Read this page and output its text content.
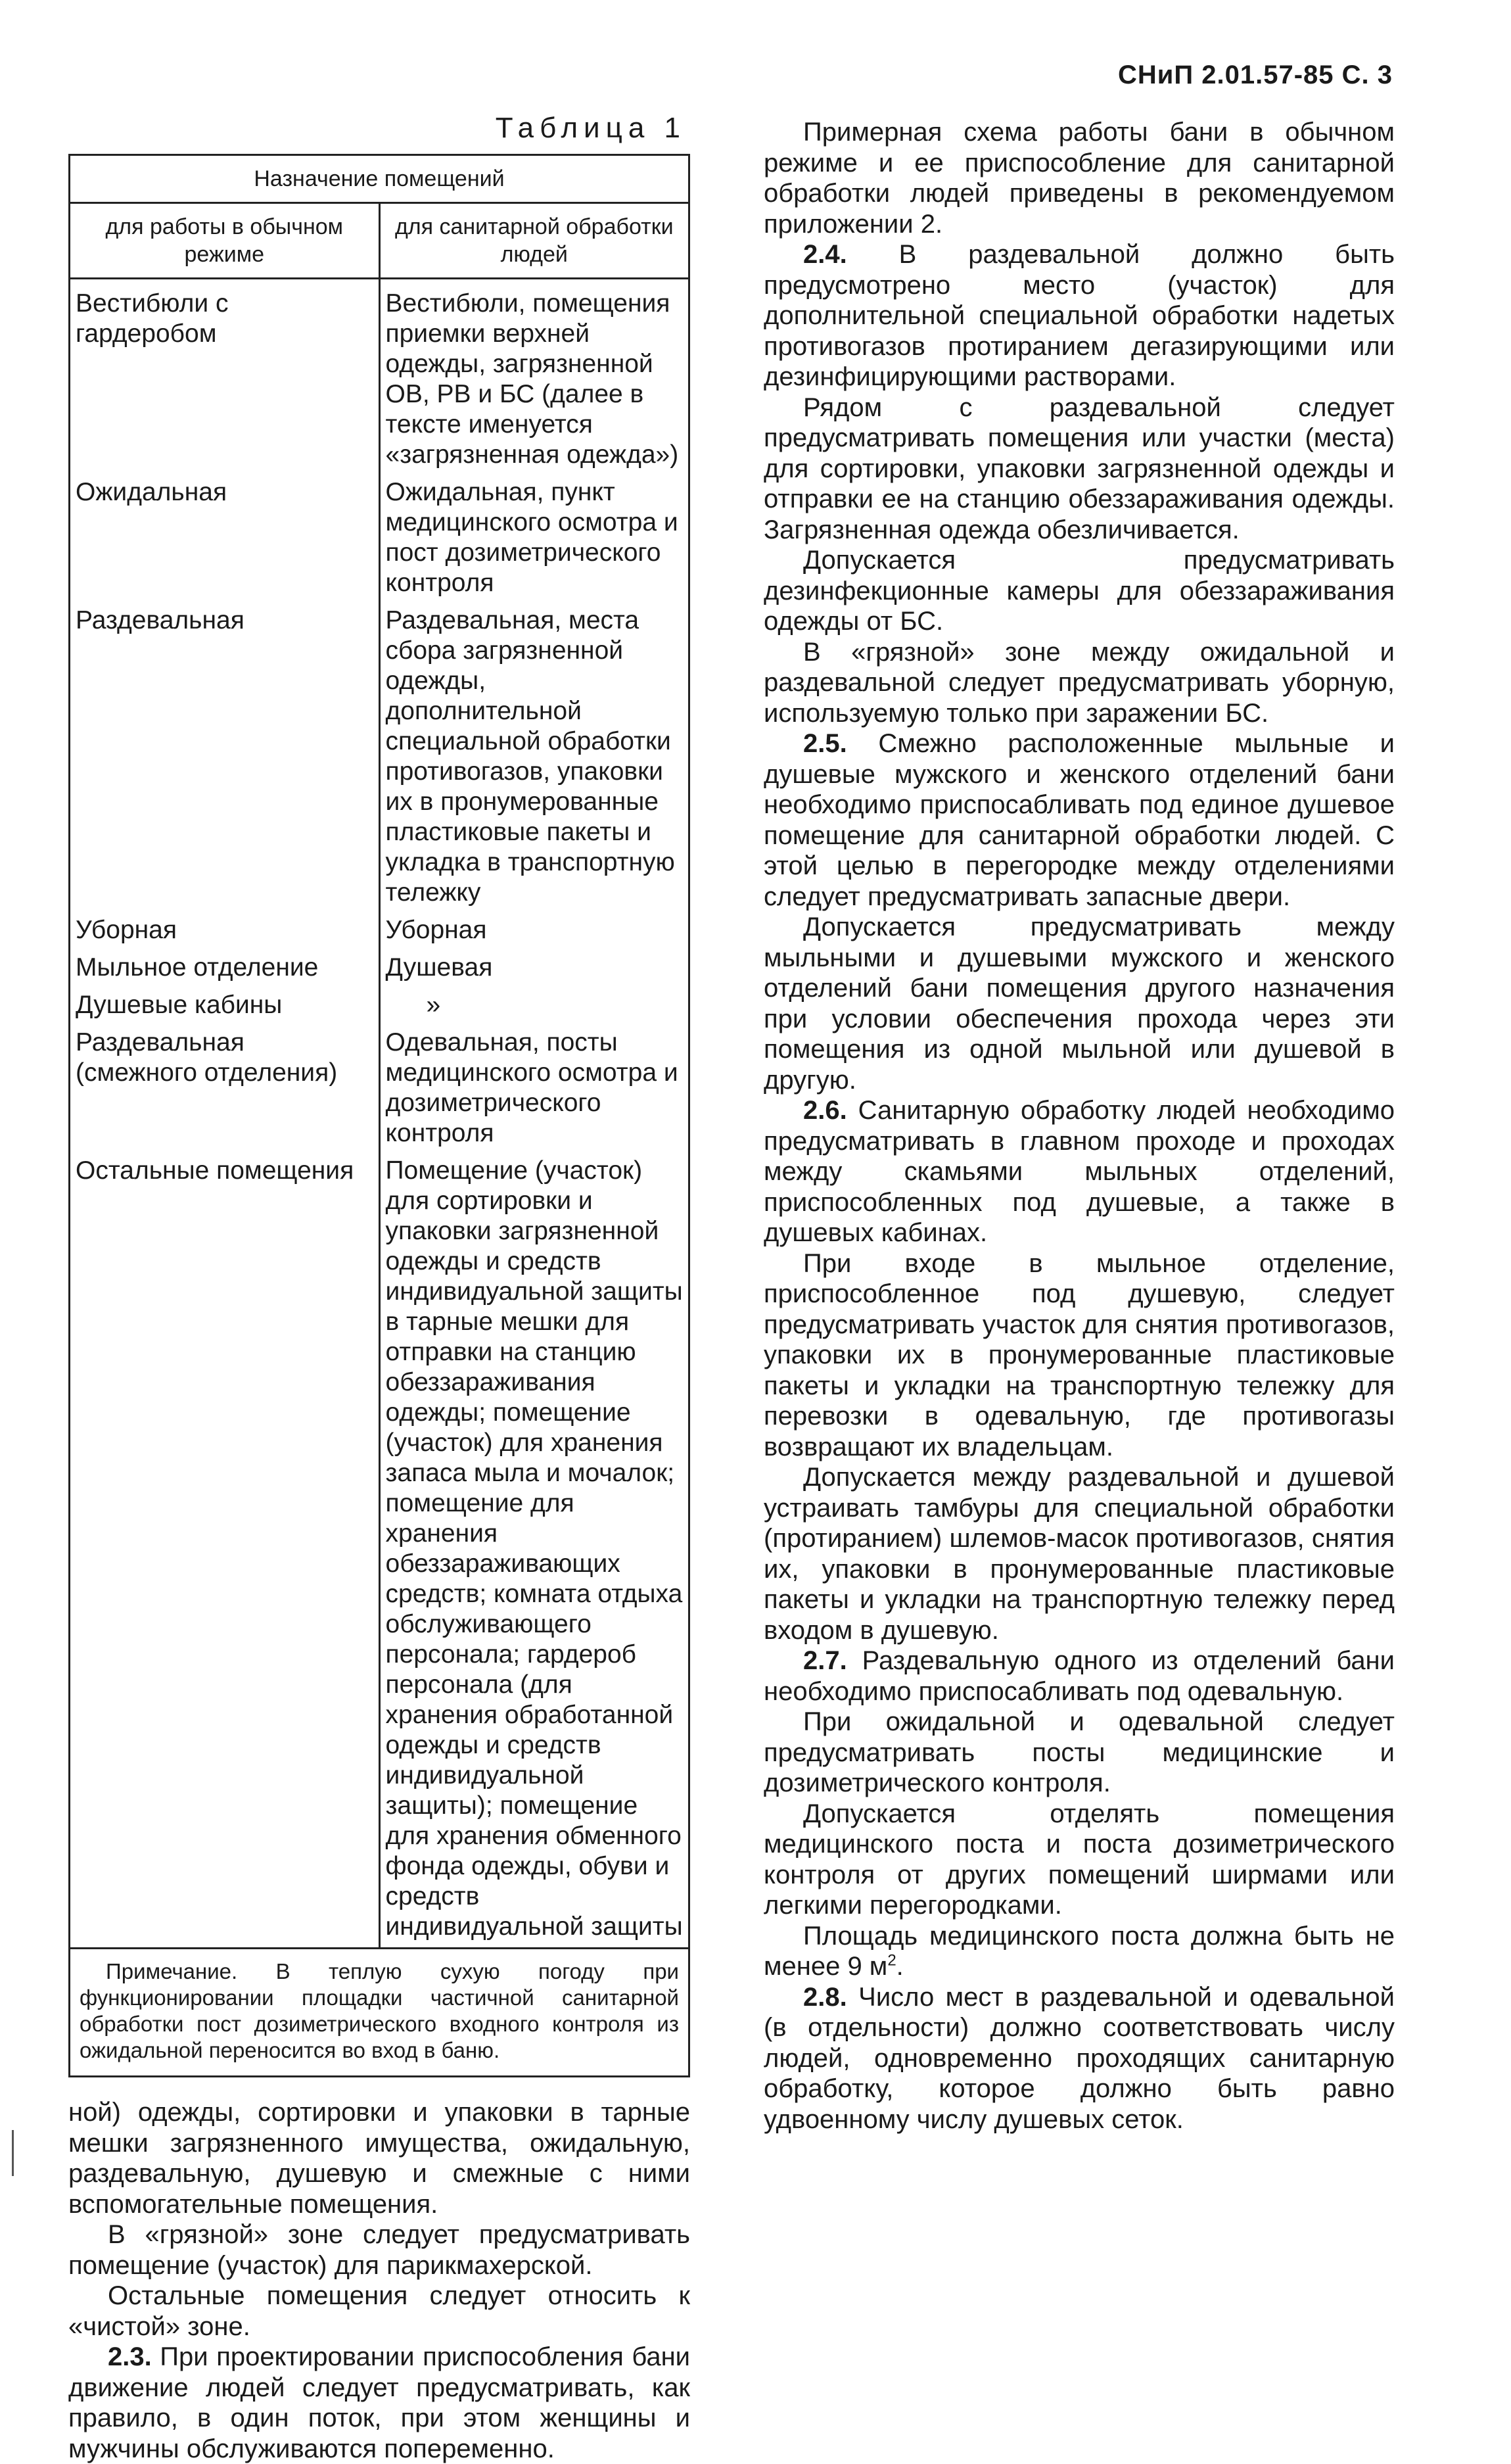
СНиП 2.01.57-85 С. 3
Таблица 1
Назначение помещений	
для работы в обычном режиме	для санитарной обработки людей
Вестибюли с гардеробом	Вестибюли, помещения приемки верхней одежды, загрязненной ОВ, РВ и БС (далее в тексте именуется «загрязненная одежда»)
Ожидальная	Ожидальная, пункт медицинского осмотра и пост дозиметрического контроля
Раздевальная	Раздевальная, места сбора загрязненной одежды, дополнительной специальной обработки противогазов, упаковки их в пронумерованные пластиковые пакеты и укладка в транспортную тележку
Уборная	Уборная
Мыльное отделение	Душевая
Душевые кабины	»
Раздевальная (смежного отделения)	Одевальная, посты медицинского осмотра и дозиметрического контроля
Остальные помещения	Помещение (участок) для сортировки и упаковки загрязненной одежды и средств индивидуальной защиты в тарные мешки для отправки на станцию обеззараживания одежды; помещение (участок) для хранения запаса мыла и мочалок; помещение для хранения обеззараживающих средств; комната отдыха обслуживающего персонала; гардероб персонала (для хранения обработанной одежды и средств индивидуальной защиты); помещение для хранения обменного фонда одежды, обуви и средств индивидуальной защиты
Примечание. В теплую сухую погоду при функционировании площадки частичной санитарной обработки пост дозиметрического входного контроля из ожидальной переносится во вход в баню.

ной) одежды, сортировки и упаковки в тарные мешки загрязненного имущества, ожидальную, раздевальную, душевую и смежные с ними вспомогательные помещения.

В «грязной» зоне следует предусматривать помещение (участок) для парикмахерской.

Остальные помещения следует относить к «чистой» зоне.

2.3. При проектировании приспособления бани движение людей следует предусматривать, как правило, в один поток, при этом женщины и мужчины обслуживаются попеременно.

Примерная схема работы бани в обычном режиме и ее приспособление для санитарной обработки людей приведены в рекомендуемом приложении 2.

2.4. В раздевальной должно быть предусмотрено место (участок) для дополнительной специальной обработки надетых противогазов протиранием дегазирующими или дезинфицирующими растворами.

Рядом с раздевальной следует предусматривать помещения или участки (места) для сортировки, упаковки загрязненной одежды и отправки ее на станцию обеззараживания одежды. Загрязненная одежда обезличивается.

Допускается предусматривать дезинфекционные камеры для обеззараживания одежды от БС.

В «грязной» зоне между ожидальной и раздевальной следует предусматривать уборную, используемую только при заражении БС.

2.5. Смежно расположенные мыльные и душевые мужского и женского отделений бани необходимо приспосабливать под единое душевое помещение для санитарной обработки людей. С этой целью в перегородке между отделениями следует предусматривать запасные двери.

Допускается предусматривать между мыльными и душевыми мужского и женского отделений бани помещения другого назначения при условии обеспечения прохода через эти помещения из одной мыльной или душевой в другую.

2.6. Санитарную обработку людей необходимо предусматривать в главном проходе и проходах между скамьями мыльных отделений, приспособленных под душевые, а также в душевых кабинах.

При входе в мыльное отделение, приспособленное под душевую, следует предусматривать участок для снятия противогазов, упаковки их в пронумерованные пластиковые пакеты и укладки на транспортную тележку для перевозки в одевальную, где противогазы возвращают их владельцам.

Допускается между раздевальной и душевой устраивать тамбуры для специальной обработки (протиранием) шлемов-масок противогазов, снятия их, упаковки в пронумерованные пластиковые пакеты и укладки на транспортную тележку перед входом в душевую.

2.7. Раздевальную одного из отделений бани необходимо приспосабливать под одевальную.

При ожидальной и одевальной следует предусматривать посты медицинские и дозиметрического контроля.

Допускается отделять помещения медицинского поста и поста дозиметрического контроля от других помещений ширмами или легкими перегородками.

Площадь медицинского поста должна быть не менее 9 $м^2$.

2.8. Число мест в раздевальной и одевальной (в отдельности) должно соответствовать числу людей, одновременно проходящих санитарную обработку, которое должно быть равно удвоенному числу душевых сеток.
